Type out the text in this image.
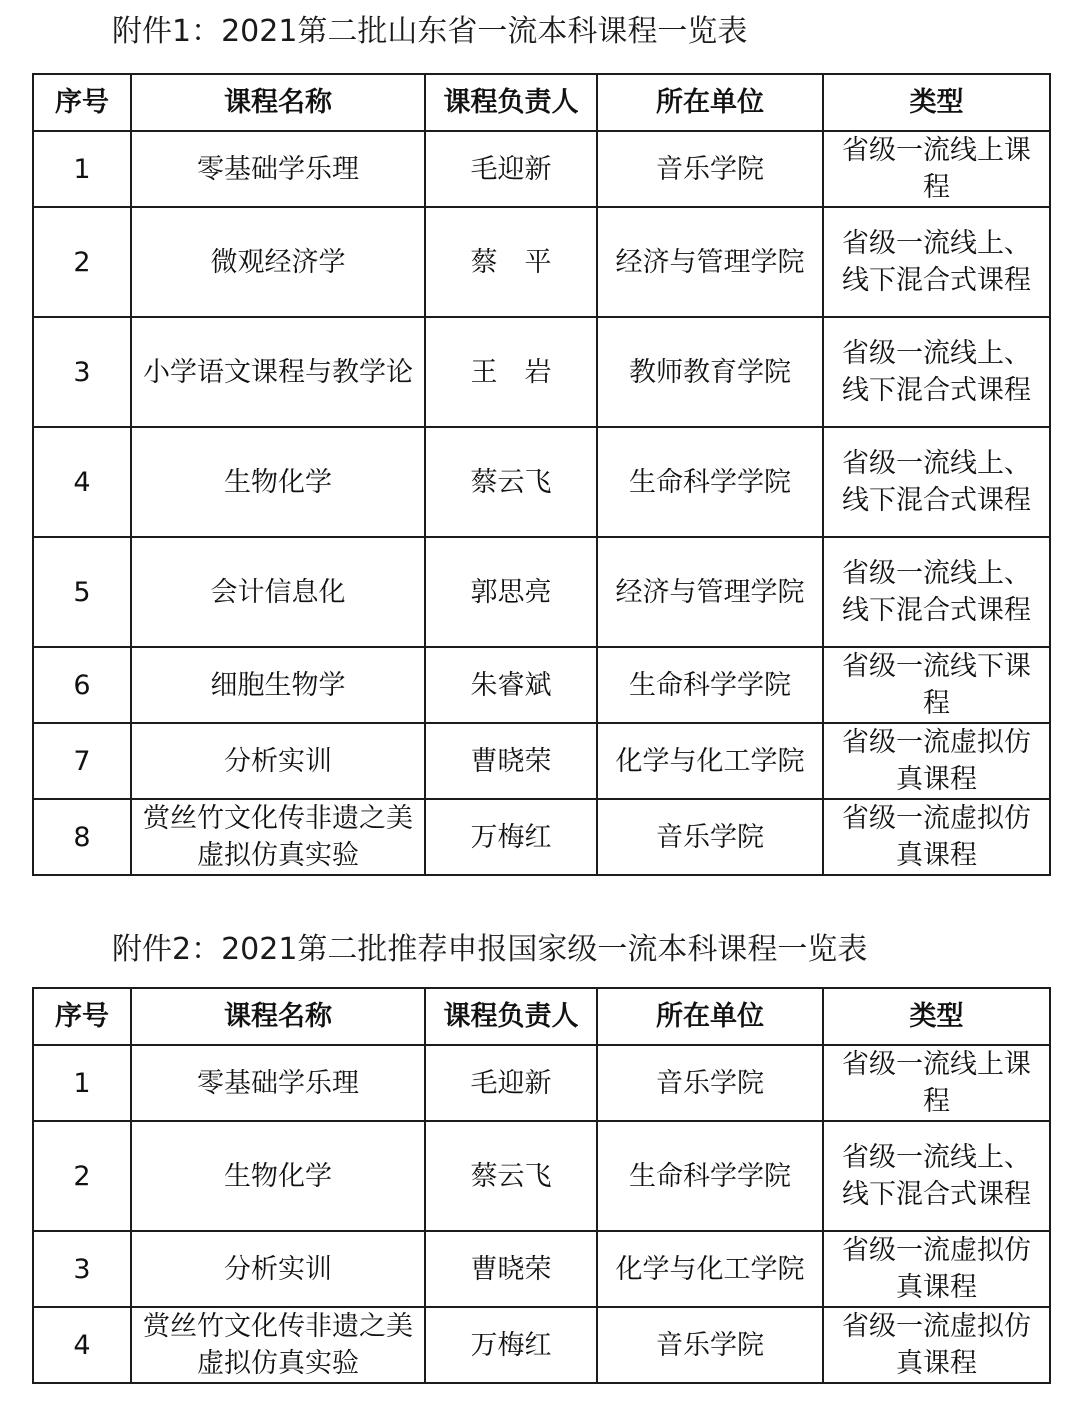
附件1：2021第二批山东省一流本科课程一览表
序号	课程名称	课程负责人	所在单位	类型
1	零基础学乐理	毛迎新	音乐学院	省级一流线上课程
2	微观经济学	蔡　平	经济与管理学院	省级一流线上、线下混合式课程
3	小学语文课程与教学论	王　岩	教师教育学院	省级一流线上、线下混合式课程
4	生物化学	蔡云飞	生命科学学院	省级一流线上、线下混合式课程
5	会计信息化	郭思亮	经济与管理学院	省级一流线上、线下混合式课程
6	细胞生物学	朱睿斌	生命科学学院	省级一流线下课程
7	分析实训	曹晓荣	化学与化工学院	省级一流虚拟仿真课程
8	赏丝竹文化传非遗之美虚拟仿真实验	万梅红	音乐学院	省级一流虚拟仿真课程
附件2：2021第二批推荐申报国家级一流本科课程一览表
序号	课程名称	课程负责人	所在单位	类型
1	零基础学乐理	毛迎新	音乐学院	省级一流线上课程
2	生物化学	蔡云飞	生命科学学院	省级一流线上、线下混合式课程
3	分析实训	曹晓荣	化学与化工学院	省级一流虚拟仿真课程
4	赏丝竹文化传非遗之美虚拟仿真实验	万梅红	音乐学院	省级一流虚拟仿真课程
